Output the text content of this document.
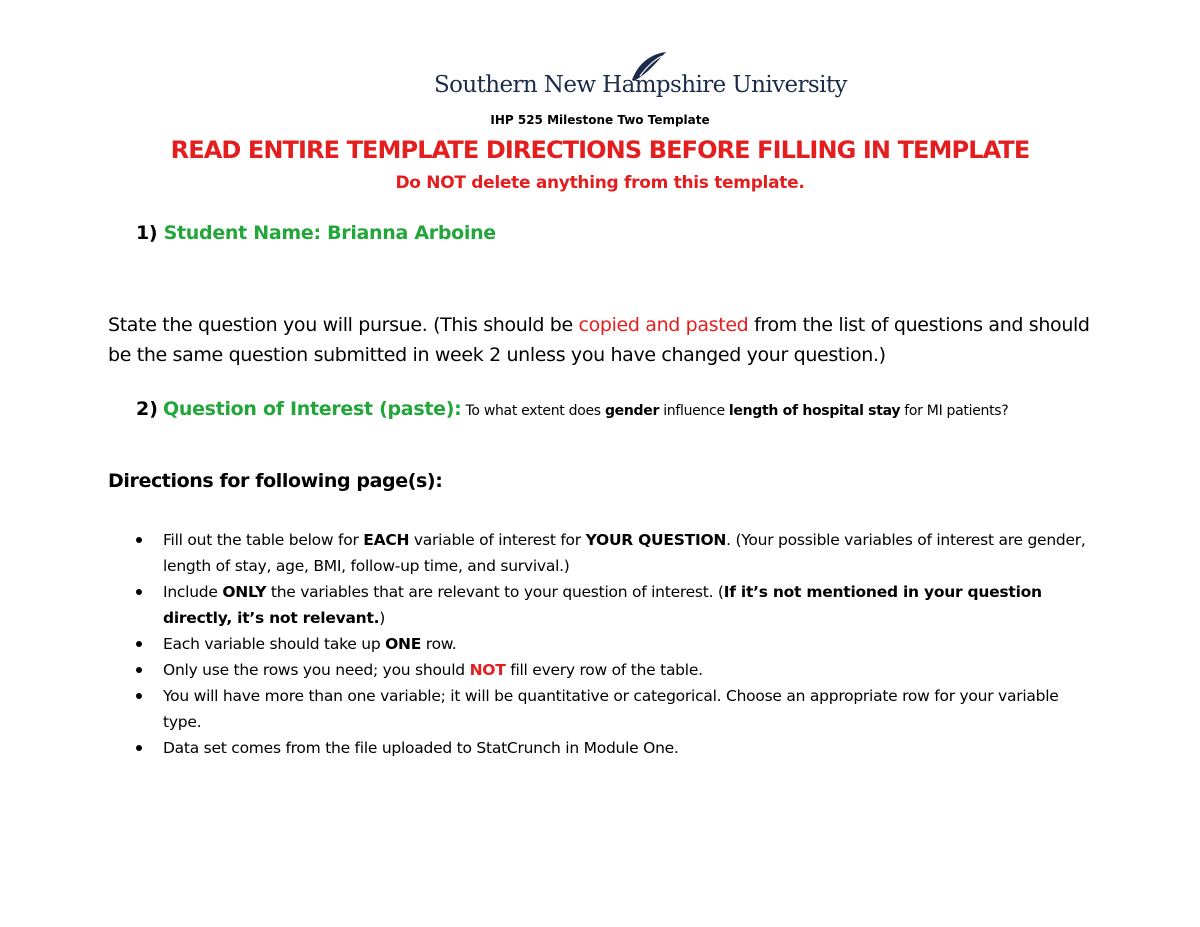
Southern New Hampshire University
IHP 525 Milestone Two Template
READ ENTIRE TEMPLATE DIRECTIONS BEFORE FILLING IN TEMPLATE
Do NOT delete anything from this template.
1) Student Name: Brianna Arboine
State the question you will pursue. (This should be copied and pasted from the list of questions and should be the same question submitted in week 2 unless you have changed your question.)
2) Question of Interest (paste): To what extent does gender influence length of hospital stay for MI patients?
Directions for following page(s):
Fill out the table below for EACH variable of interest for YOUR QUESTION. (Your possible variables of interest are gender, length of stay, age, BMI, follow-up time, and survival.)
Include ONLY the variables that are relevant to your question of interest. (If it’s not mentioned in your question directly, it’s not relevant.)
Each variable should take up ONE row.
Only use the rows you need; you should NOT fill every row of the table.
You will have more than one variable; it will be quantitative or categorical. Choose an appropriate row for your variable type.
Data set comes from the file uploaded to StatCrunch in Module One.
